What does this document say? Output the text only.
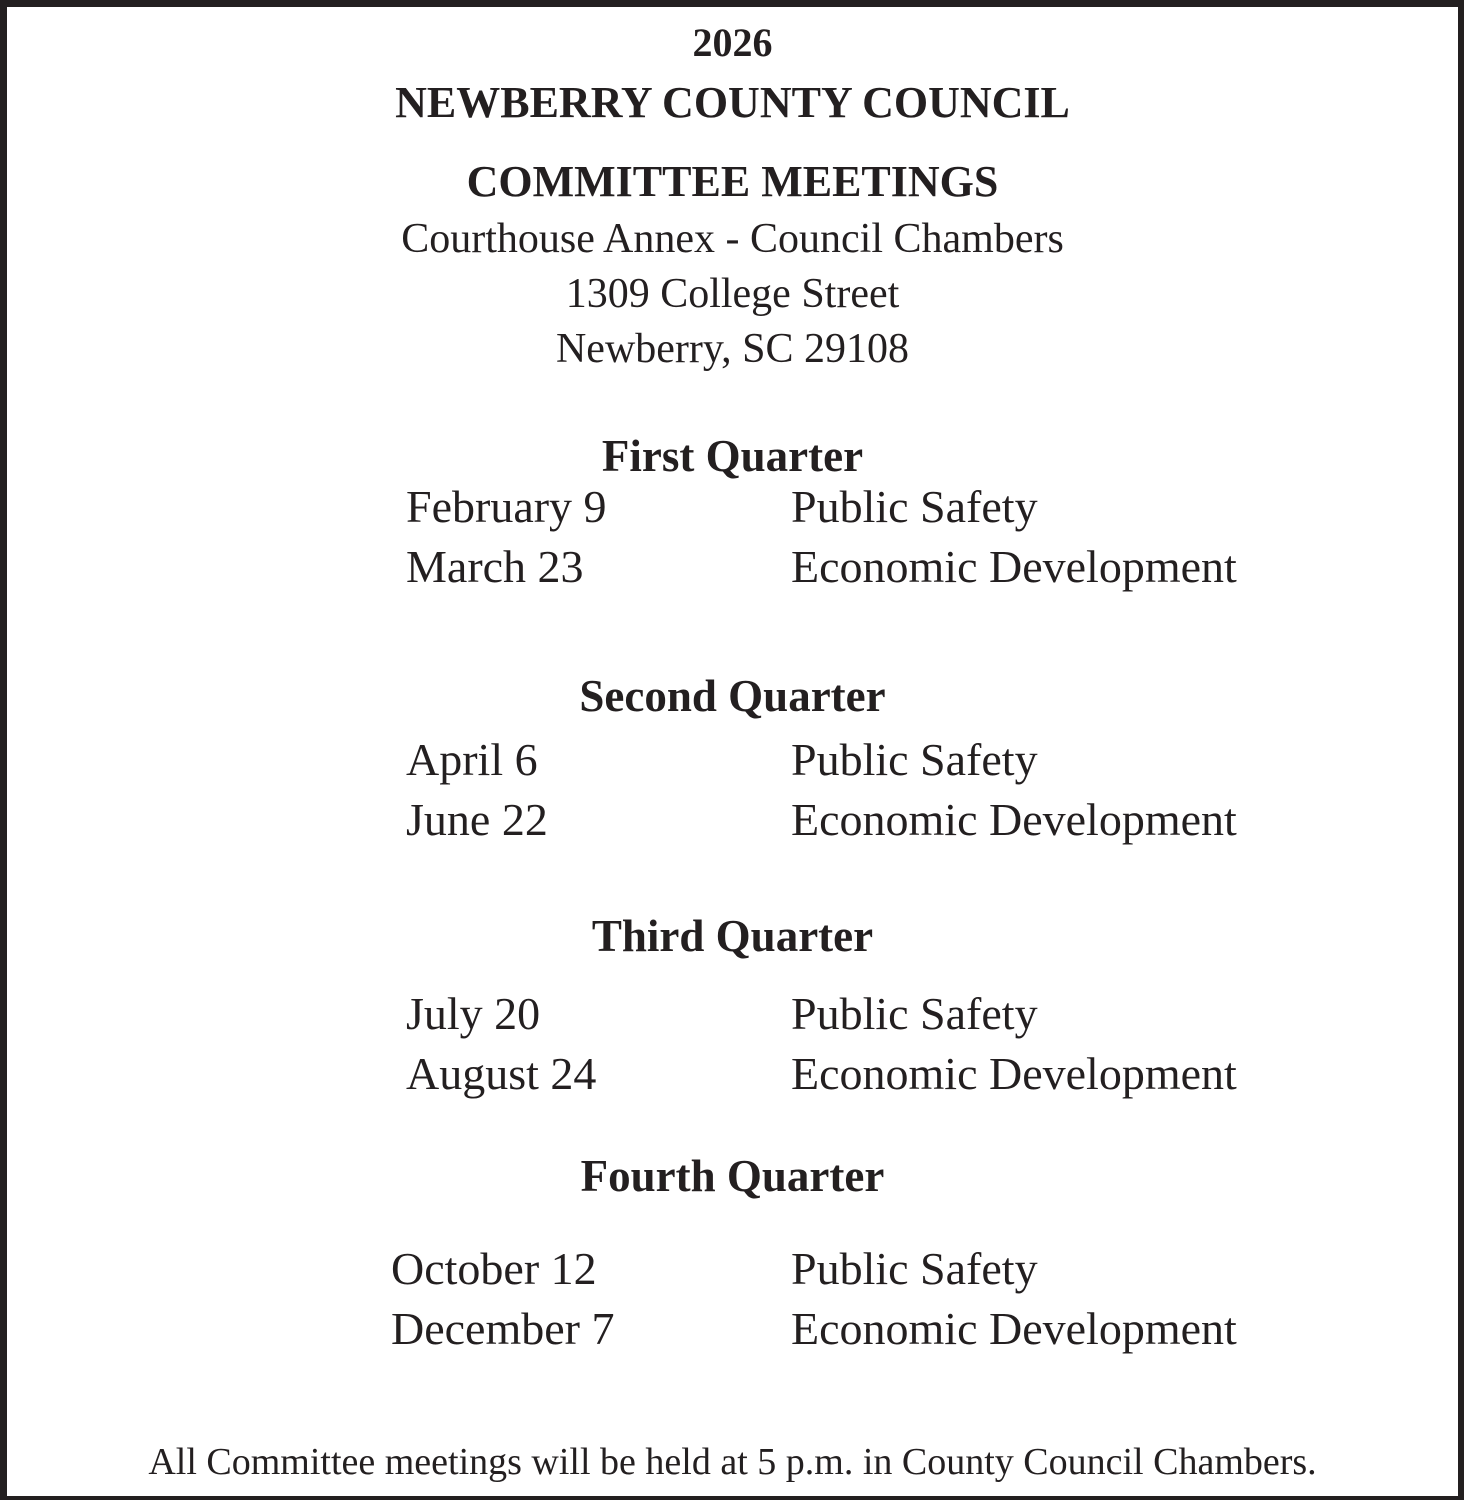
2026
NEWBERRY COUNTY COUNCIL
COMMITTEE MEETINGS
Courthouse Annex - Council Chambers
1309 College Street
Newberry, SC 29108
First Quarter
February 9	Public Safety
March 23	Economic Development
Second Quarter
April 6	Public Safety
June 22	Economic Development
Third Quarter
July 20	Public Safety
August 24	Economic Development
Fourth Quarter
October 12	Public Safety
December 7	Economic Development
All Committee meetings will be held at 5 p.m. in County Council Chambers.
